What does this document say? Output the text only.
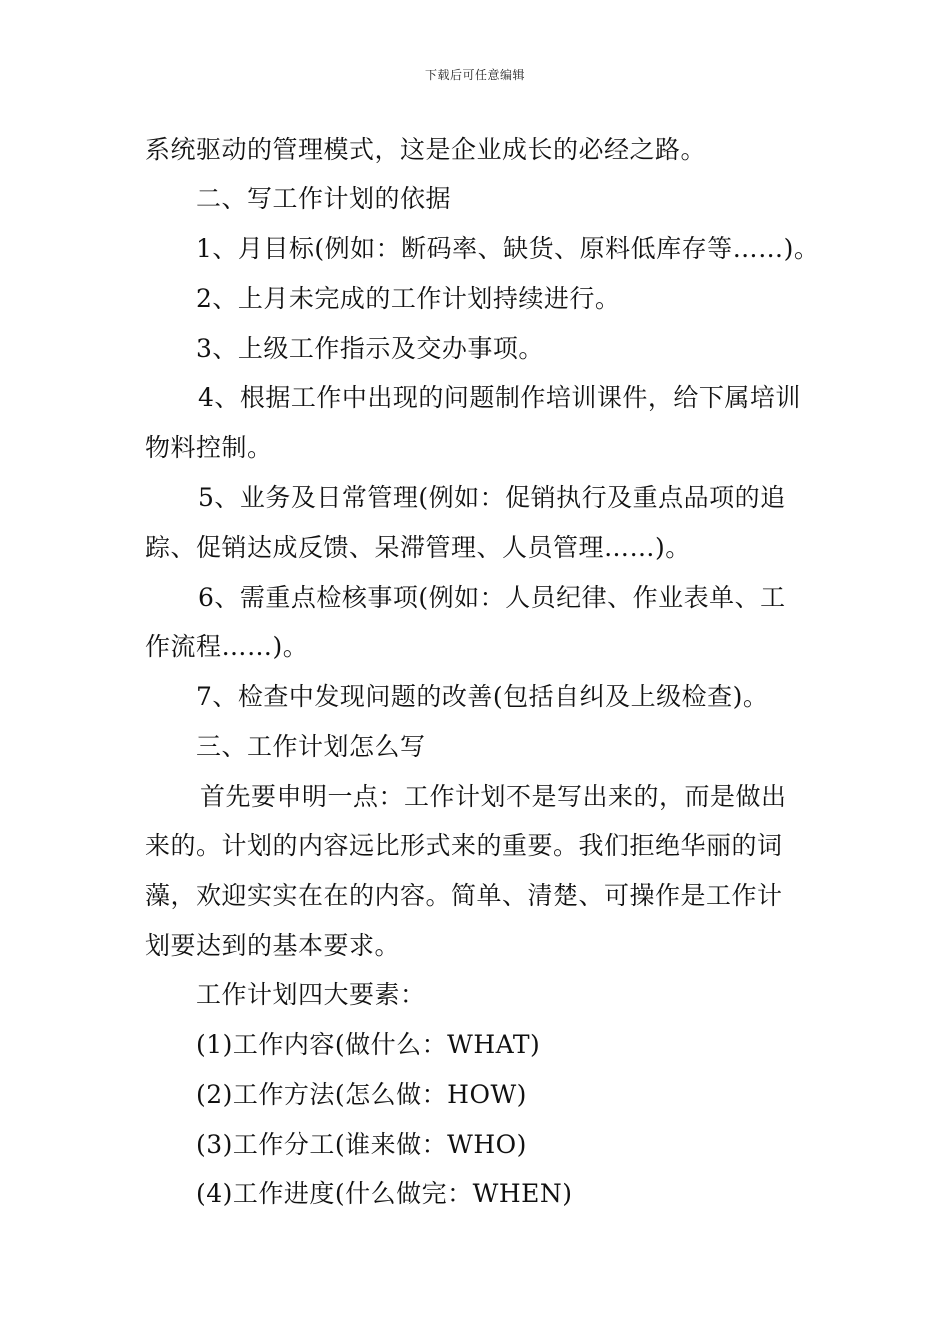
下载后可任意编辑
系统驱动的管理模式，这是企业成长的必经之路。
二、写工作计划的依据
1、月目标(例如：断码率、缺货、原料低库存等……)。
2、上月未完成的工作计划持续进行。
3、上级工作指示及交办事项。
4、根据工作中出现的问题制作培训课件，给下属培训
物料控制。
5、业务及日常管理(例如：促销执行及重点品项的追
踪、促销达成反馈、呆滞管理、人员管理……)。
6、需重点检核事项(例如：人员纪律、作业表单、工
作流程……)。
7、检查中发现问题的改善(包括自纠及上级检查)。
三、工作计划怎么写
首先要申明一点：工作计划不是写出来的，而是做出
来的。计划的内容远比形式来的重要。我们拒绝华丽的词
藻，欢迎实实在在的内容。简单、清楚、可操作是工作计
划要达到的基本要求。
工作计划四大要素：
(1)工作内容(做什么：WHAT)
(2)工作方法(怎么做：HOW)
(3)工作分工(谁来做：WHO)
(4)工作进度(什么做完：WHEN)
